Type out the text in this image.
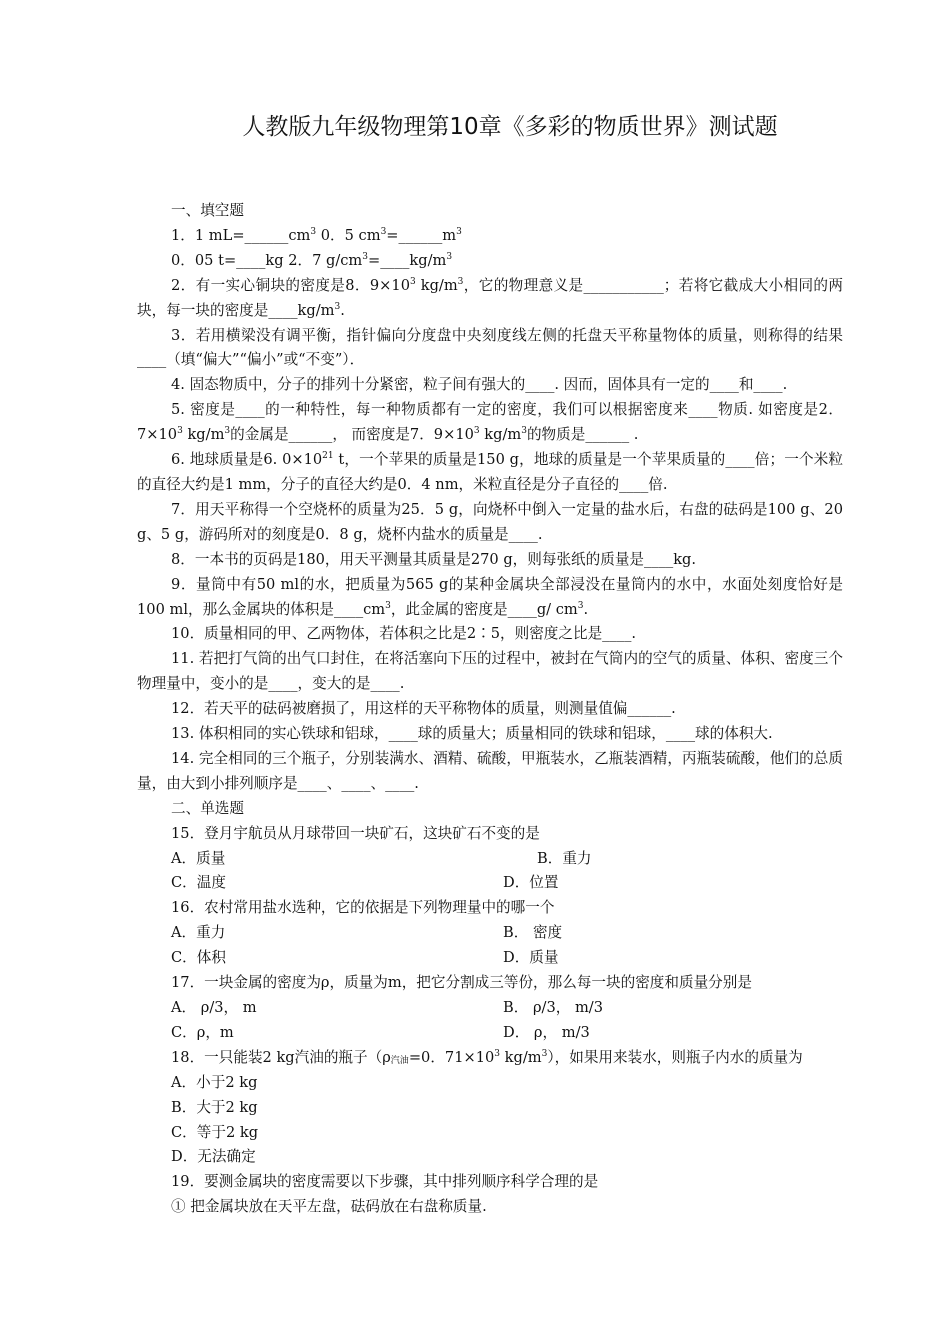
人教版九年级物理第10章《多彩的物质世界》测试题

一、填空题

1．1 $mL=\_\_\_\_\_\_cm^3$ 0．5 $cm^3=\_\_\_\_\_\_m^3$

0．05 t=____kg 2．7 $g/cm^3=\_\_\_\_kg/m^3$

2．有一实心铜块的密度是8．$9\times 10^3$ $kg/m^3$，它的物理意义是___________；若将它截成大小相同的两块，每一块的密度是$\_\_\_\_kg/m^3$.

3．若用横梁没有调平衡，指针偏向分度盘中央刻度线左侧的托盘天平称量物体的质量，则称得的结果____（填“偏大”“偏小”或“不变”）．

4. 固态物质中，分子的排列十分紧密，粒子间有强大的____. 因而，固体具有一定的____和____.

5. 密度是____的一种特性，每一种物质都有一定的密度，我们可以根据密度来____物质. 如密度是2．$7\times 10^3$ $kg/m^3$的金属是______， 而密度是7．$9\times 10^3$ $kg/m^3$的物质是______ .

6. 地球质量是6. $0\times 10^{21}$ t，一个苹果的质量是150 g，地球的质量是一个苹果质量的____倍；一个米粒的直径大约是1 mm，分子的直径大约是0．4 nm，米粒直径是分子直径的____倍.

7．用天平称得一个空烧杯的质量为25．5 g，向烧杯中倒入一定量的盐水后，右盘的砝码是100 g、20 g、5 g，游码所对的刻度是0．8 g，烧杯内盐水的质量是____.

8．一本书的页码是180，用天平测量其质量是270 g，则每张纸的质量是____kg.

9．量筒中有50 ml的水，把质量为565 g的某种金属块全部浸没在量筒内的水中，水面处刻度恰好是100 ml，那么金属块的体积是$\_\_\_\_cm^3$，此金属的密度是____g/ $cm^3$.

10．质量相同的甲、乙两物体，若体积之比是2∶5，则密度之比是____.

11. 若把打气筒的出气口封住，在将活塞向下压的过程中，被封在气筒内的空气的质量、体积、密度三个物理量中，变小的是____，变大的是____.

12．若天平的砝码被磨损了，用这样的天平称物体的质量，则测量值偏______.

13. 体积相同的实心铁球和铝球，____球的质量大；质量相同的铁球和铝球，____球的体积大.

14. 完全相同的三个瓶子，分别装满水、酒精、硫酸，甲瓶装水，乙瓶装酒精，丙瓶装硫酸，他们的总质量，由大到小排列顺序是____、____、____.

二、单选题

15．登月宇航员从月球带回一块矿石，这块矿石不变的是

A．质量	B．重力
C．温度	D．位置

16．农村常用盐水选种，它的依据是下列物理量中的哪一个

A．重力	B． 密度
C．体积	D．质量

17．一块金属的密度为ρ，质量为m，把它分割成三等份，那么每一块的密度和质量分别是

A． ρ/3， m	B． ρ/3， m/3
C．ρ，m	D． ρ， m/3

18．一只能装2 kg汽油的瓶子（$\rho_{汽油}=0$．$71\times 10^3$ $kg/m^3$），如果用来装水，则瓶子内水的质量为

A．小于2 kg

B．大于2 kg

C．等于2 kg

D．无法确定

19．要测金属块的密度需要以下步骤，其中排列顺序科学合理的是

① 把金属块放在天平左盘，砝码放在右盘称质量.
